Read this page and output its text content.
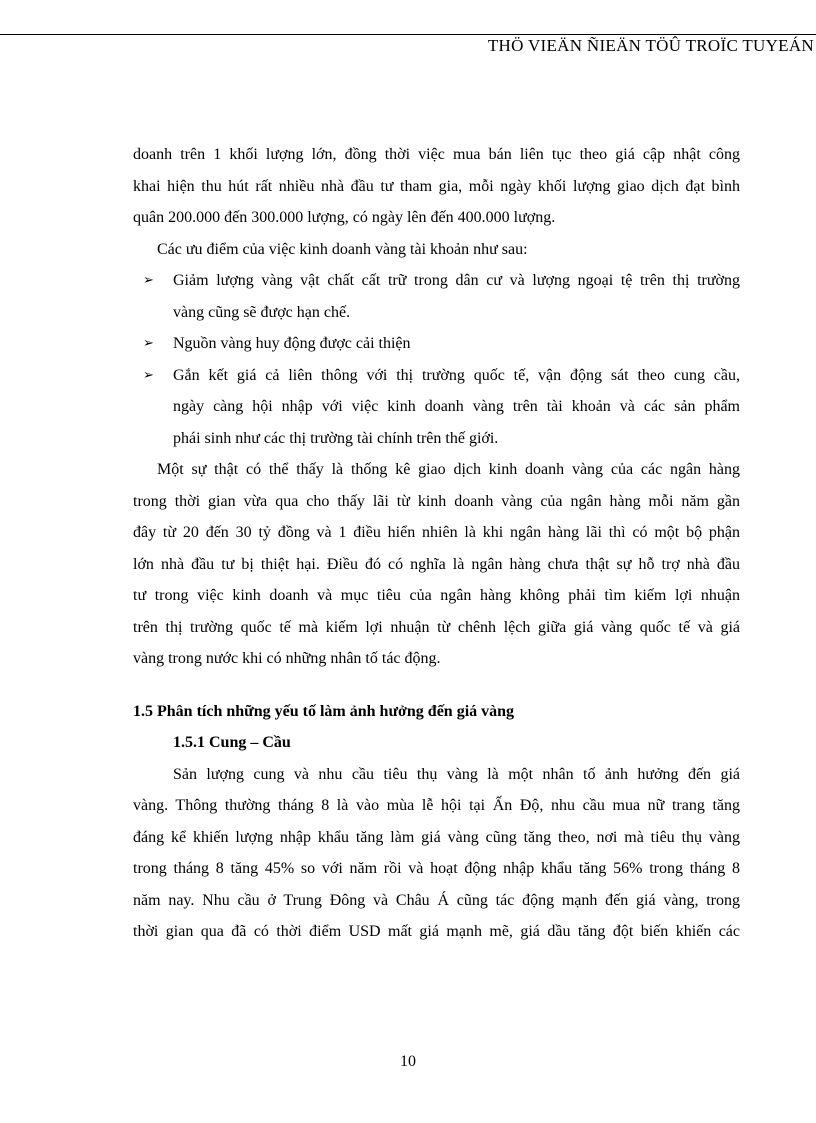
THÖ VIEÄN ÑIEÄN TÖÛ TROÏC TUYEÁN
doanh trên 1 khối lượng lớn, đồng thời việc mua bán liên tục theo giá cập nhật công
khai hiện thu hút rất nhiều nhà đầu tư tham gia, mỗi ngày khối lượng giao dịch đạt bình
quân 200.000 đến 300.000 lượng, có ngày lên đến 400.000 lượng.
Các ưu điểm của việc kinh doanh vàng tài khoản như sau:
➢	Giảm lượng vàng vật chất cất trữ trong dân cư và lượng ngoại tệ trên thị trường
vàng cũng sẽ được hạn chế.
➢	Nguồn vàng huy động được cải thiện
➢	Gắn kết giá cả liên thông với thị trường quốc tế, vận động sát theo cung cầu,
ngày càng hội nhập với việc kinh doanh vàng trên tài khoản và các sản phẩm
phái sinh như các thị trường tài chính trên thế giới.
Một sự thật có thể thấy là thống kê giao dịch kinh doanh vàng của các ngân hàng
trong thời gian vừa qua cho thấy lãi từ kinh doanh vàng của ngân hàng mỗi năm gần
đây từ 20 đến 30 tỷ đồng và 1 điều hiển nhiên là khi ngân hàng lãi thì có một bộ phận
lớn nhà đầu tư bị thiệt hại. Điều đó có nghĩa là ngân hàng chưa thật sự hỗ trợ nhà đầu
tư trong việc kinh doanh và mục tiêu của ngân hàng không phải tìm kiếm lợi nhuận
trên thị trường quốc tế mà kiếm lợi nhuận từ chênh lệch giữa giá vàng quốc tế và giá
vàng trong nước khi có những nhân tố tác động.
1.5 Phân tích những yếu tố làm ảnh hưởng đến giá vàng
1.5.1 Cung – Cầu
Sản lượng cung và nhu cầu tiêu thụ vàng là một nhân tố ảnh hưởng đến giá
vàng. Thông thường tháng 8 là vào mùa lễ hội tại Ấn Độ, nhu cầu mua nữ trang tăng
đáng kể khiến lượng nhập khẩu tăng làm giá vàng cũng tăng theo, nơi mà tiêu thụ vàng
trong tháng 8 tăng 45% so với năm rồi và hoạt động nhập khẩu tăng 56% trong tháng 8
năm nay. Nhu cầu ở Trung Đông và Châu Á cũng tác động mạnh đến giá vàng, trong
thời gian qua đã có thời điểm USD mất giá mạnh mẽ, giá dầu tăng đột biến khiến các
10
